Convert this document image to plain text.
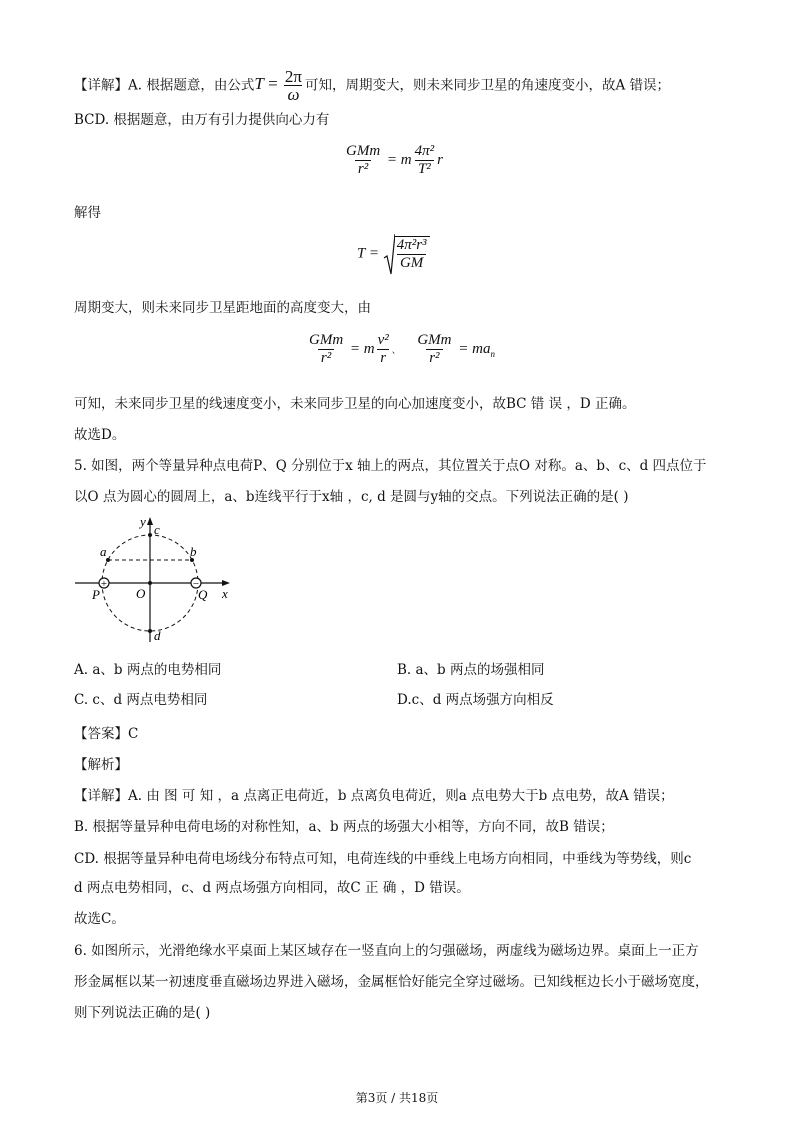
【详解】A. 根据题意，由公式$T = \frac{2\pi}{\omega}$ 可知，周期变大，则未来同步卫星的角速度变小，故A 错误；
BCD. 根据题意，由万有引力提供向心力有
$\frac{\text{GMm}}{\text{r²}} = m \frac{\text{4π²}}{\text{T²}}$ r
解得
$T = \frac{\text{4π²r³}}{GM}$
周期变大，则未来同步卫星距地面的高度变大，由
$\frac{\text{GMm}}{\text{r²}} = m \frac{\text{v²}}{r}$ 、 $\frac{\text{GMm}}{\text{r²}} = ma_n$
可知，未来同步卫星的线速度变小，未来同步卫星的向心加速度变小，故BC 错 误 ，D 正确。
故选D。
5. 如图，两个等量异种点电荷P、Q 分别位于x 轴上的两点，其位置关于点O 对称。a、b、c、d 四点位于
以O 点为圆心的圆周上，a、b连线平行于x轴 ，c, d 是圆与y轴的交点。下列说法正确的是( )
+	−
y
x
c
d
a	b
P	Q
O
A. a、b 两点的电势相同	B. a、b 两点的场强相同
C. c、d 两点电势相同	D.c、d 两点场强方向相反
【答案】C
【解析】
【详解】A. 由 图 可 知 ，a 点离正电荷近，b 点离负电荷近，则a 点电势大于b 点电势，故A 错误；
B. 根据等量异种电荷电场的对称性知，a、b 两点的场强大小相等，方向不同，故B 错误；
CD. 根据等量异种电荷电场线分布特点可知，电荷连线的中垂线上电场方向相同，中垂线为等势线，则c
d 两点电势相同，c、d 两点场强方向相同，故C 正 确 ，D 错误。
故选C。
6. 如图所示，光滑绝缘水平桌面上某区域存在一竖直向上的匀强磁场，两虚线为磁场边界。桌面上一正方
形金属框以某一初速度垂直磁场边界进入磁场，金属框恰好能完全穿过磁场。已知线框边长小于磁场宽度，
则下列说法正确的是( )
第3页 / 共18页
